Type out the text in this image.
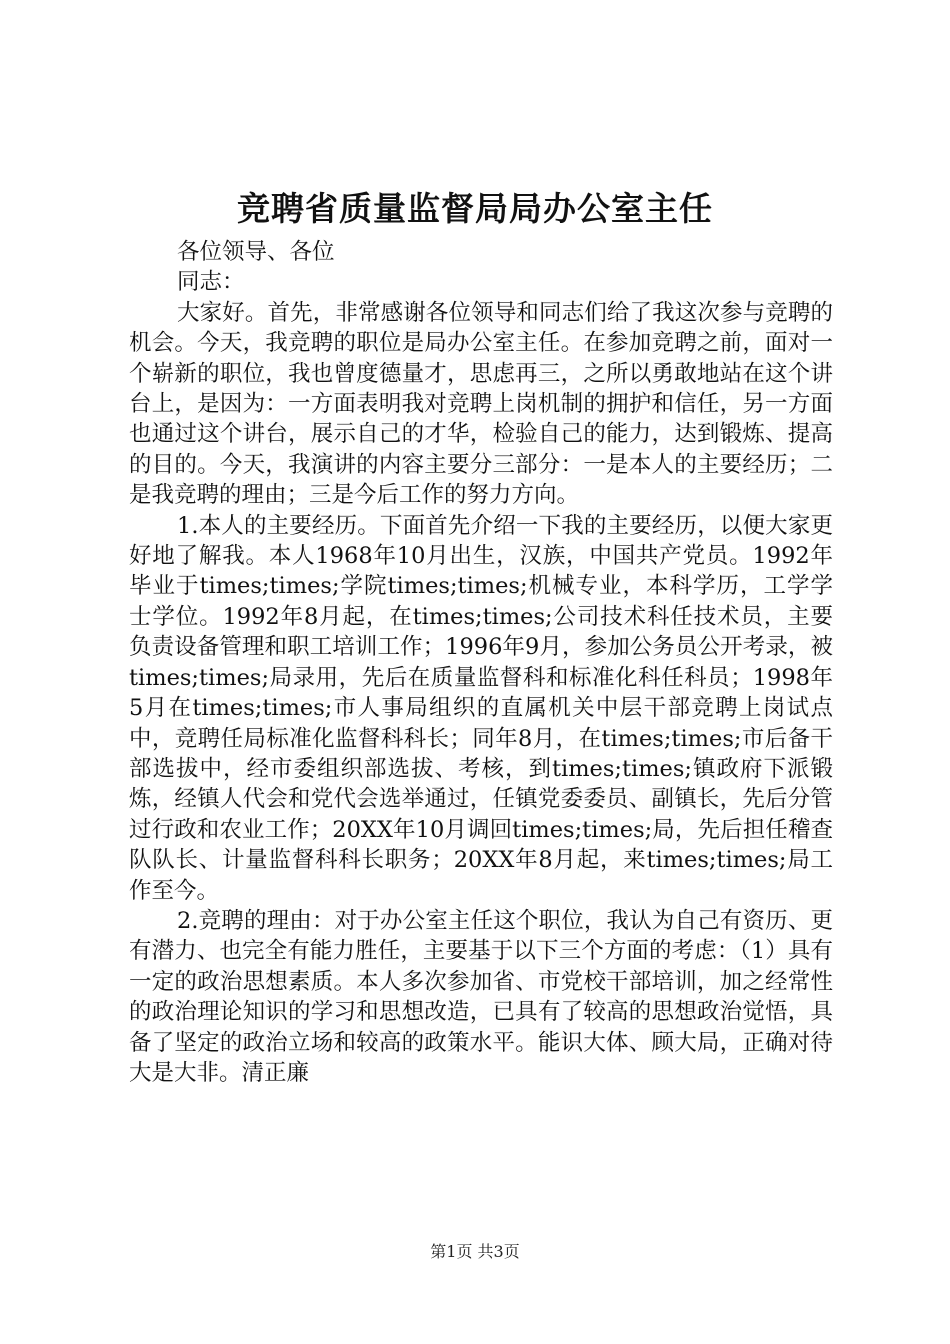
竞聘省质量监督局局办公室主任

各位领导、各位

同志：

大家好。首先，非常感谢各位领导和同志们给了我这次参与竞聘的机会。今天，我竞聘的职位是局办公室主任。在参加竞聘之前，面对一个崭新的职位，我也曾度德量才，思虑再三，之所以勇敢地站在这个讲台上，是因为：一方面表明我对竞聘上岗机制的拥护和信任，另一方面也通过这个讲台，展示自己的才华，检验自己的能力，达到锻炼、提高的目的。今天，我演讲的内容主要分三部分：一是本人的主要经历；二是我竞聘的理由；三是今后工作的努力方向。

1.本人的主要经历。下面首先介绍一下我的主要经历，以便大家更好地了解我。本人1968年10月出生，汉族，中国共产党员。1992年毕业于times;times;学院times;times;机械专业，本科学历，工学学士学位。1992年8月起，在times;times;公司技术科任技术员，主要负责设备管理和职工培训工作；1996年9月，参加公务员公开考录，被times;times;局录用，先后在质量监督科和标准化科任科员；1998年5月在times;times;市人事局组织的直属机关中层干部竞聘上岗试点中，竞聘任局标准化监督科科长；同年8月，在times;times;市后备干部选拔中，经市委组织部选拔、考核，到times;times;镇政府下派锻炼，经镇人代会和党代会选举通过，任镇党委委员、副镇长，先后分管过行政和农业工作；20XX年10月调回times;times;局，先后担任稽查队队长、计量监督科科长职务；20XX年8月起，来times;times;局工作至今。

2.竞聘的理由：对于办公室主任这个职位，我认为自己有资历、更有潜力、也完全有能力胜任，主要基于以下三个方面的考虑：（1）具有一定的政治思想素质。本人多次参加省、市党校干部培训，加之经常性的政治理论知识的学习和思想改造，已具有了较高的思想政治觉悟，具备了坚定的政治立场和较高的政策水平。能识大体、顾大局，正确对待大是大非。清正廉

第1页 共3页
